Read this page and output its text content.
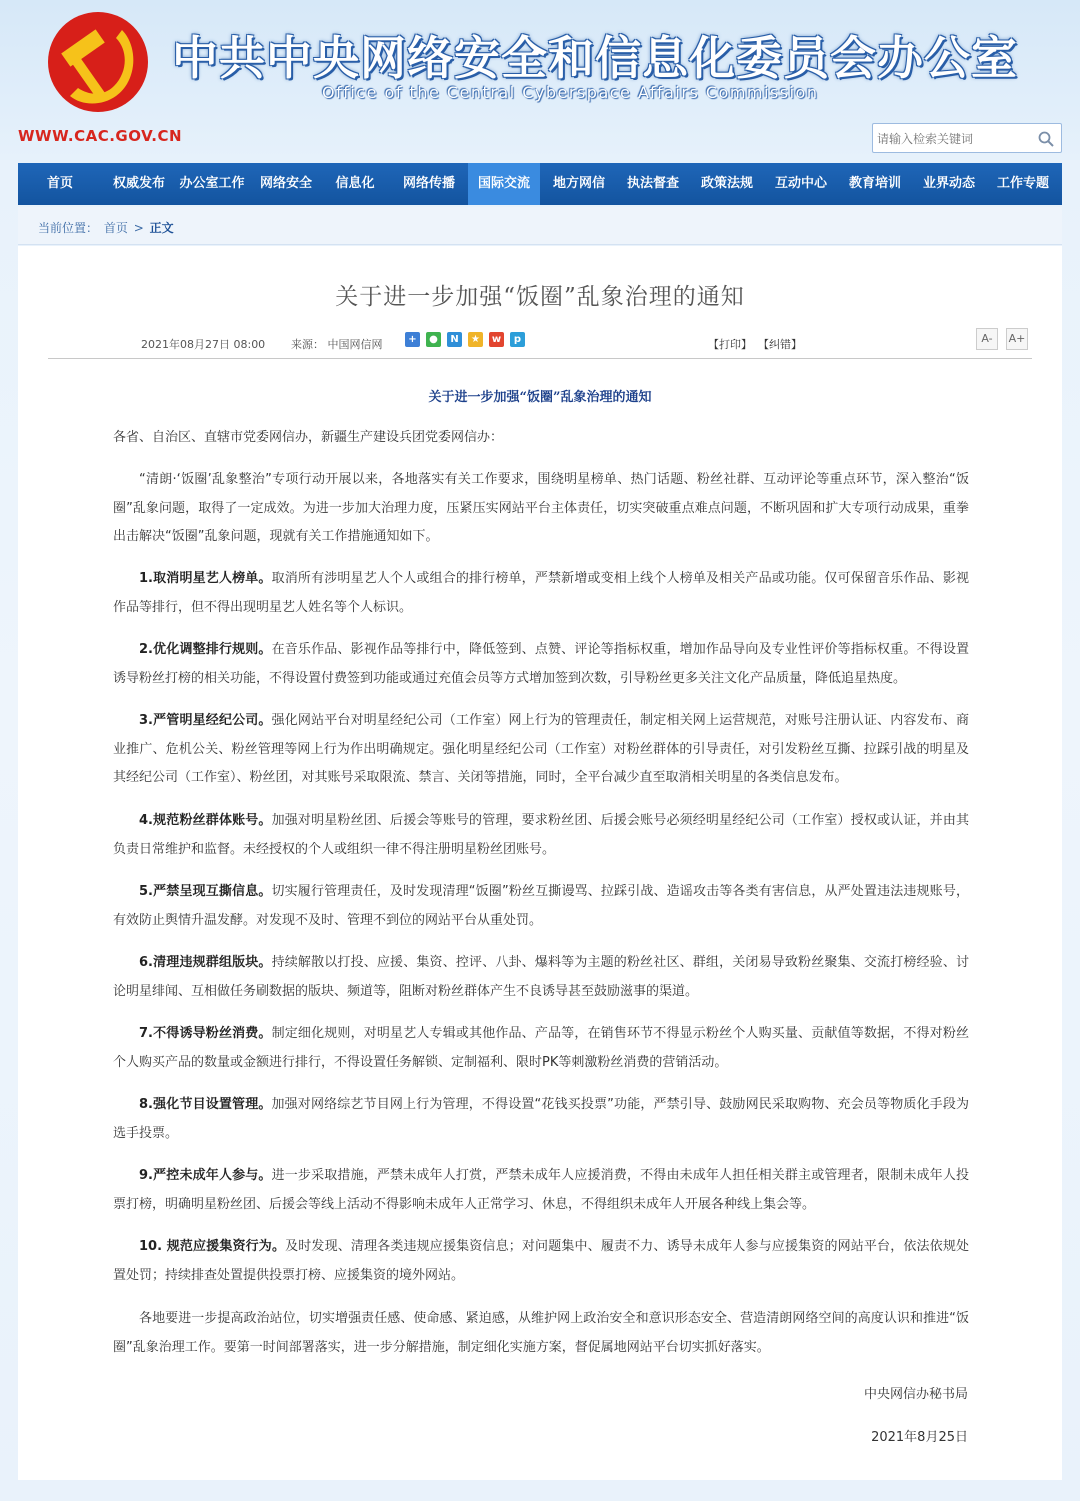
中共中央网络安全和信息化委员会办公室
Office of the Central Cyberspace Affairs Commission
WWW.CAC.GOV.CN
请输入检索关键词
首页	权威发布	办公室工作	网络安全	信息化	网络传播	国际交流	地方网信	执法督查	政策法规	互动中心	教育培训	业界动态	工作专题
当前位置： 首页 > 正文
关于进一步加强“饭圈”乱象治理的通知
2021年08月27日 08:00 来源： 中国网信网	+	●	N	★	w	p	【打印】 【纠错】	A-	A+
关于进一步加强“饭圈”乱象治理的通知
各省、自治区、直辖市党委网信办，新疆生产建设兵团党委网信办：
“清朗·‘饭圈’乱象整治”专项行动开展以来，各地落实有关工作要求，围绕明星榜单、热门话题、粉丝社群、互动评论等重点环节，深入整治“饭圈”乱象问题，取得了一定成效。为进一步加大治理力度，压紧压实网站平台主体责任，切实突破重点难点问题，不断巩固和扩大专项行动成果，重拳出击解决“饭圈”乱象问题，现就有关工作措施通知如下。
1.取消明星艺人榜单。取消所有涉明星艺人个人或组合的排行榜单，严禁新增或变相上线个人榜单及相关产品或功能。仅可保留音乐作品、影视作品等排行，但不得出现明星艺人姓名等个人标识。
2.优化调整排行规则。在音乐作品、影视作品等排行中，降低签到、点赞、评论等指标权重，增加作品导向及专业性评价等指标权重。不得设置诱导粉丝打榜的相关功能，不得设置付费签到功能或通过充值会员等方式增加签到次数，引导粉丝更多关注文化产品质量，降低追星热度。
3.严管明星经纪公司。强化网站平台对明星经纪公司（工作室）网上行为的管理责任，制定相关网上运营规范，对账号注册认证、内容发布、商业推广、危机公关、粉丝管理等网上行为作出明确规定。强化明星经纪公司（工作室）对粉丝群体的引导责任，对引发粉丝互撕、拉踩引战的明星及其经纪公司（工作室）、粉丝团，对其账号采取限流、禁言、关闭等措施，同时，全平台减少直至取消相关明星的各类信息发布。
4.规范粉丝群体账号。加强对明星粉丝团、后援会等账号的管理，要求粉丝团、后援会账号必须经明星经纪公司（工作室）授权或认证，并由其负责日常维护和监督。未经授权的个人或组织一律不得注册明星粉丝团账号。
5.严禁呈现互撕信息。切实履行管理责任，及时发现清理“饭圈”粉丝互撕谩骂、拉踩引战、造谣攻击等各类有害信息，从严处置违法违规账号，有效防止舆情升温发酵。对发现不及时、管理不到位的网站平台从重处罚。
6.清理违规群组版块。持续解散以打投、应援、集资、控评、八卦、爆料等为主题的粉丝社区、群组，关闭易导致粉丝聚集、交流打榜经验、讨论明星绯闻、互相做任务刷数据的版块、频道等，阻断对粉丝群体产生不良诱导甚至鼓励滋事的渠道。
7.不得诱导粉丝消费。制定细化规则，对明星艺人专辑或其他作品、产品等，在销售环节不得显示粉丝个人购买量、贡献值等数据，不得对粉丝个人购买产品的数量或金额进行排行，不得设置任务解锁、定制福利、限时PK等刺激粉丝消费的营销活动。
8.强化节目设置管理。加强对网络综艺节目网上行为管理，不得设置“花钱买投票”功能，严禁引导、鼓励网民采取购物、充会员等物质化手段为选手投票。
9.严控未成年人参与。进一步采取措施，严禁未成年人打赏，严禁未成年人应援消费，不得由未成年人担任相关群主或管理者，限制未成年人投票打榜，明确明星粉丝团、后援会等线上活动不得影响未成年人正常学习、休息，不得组织未成年人开展各种线上集会等。
10. 规范应援集资行为。及时发现、清理各类违规应援集资信息；对问题集中、履责不力、诱导未成年人参与应援集资的网站平台，依法依规处置处罚；持续排查处置提供投票打榜、应援集资的境外网站。
各地要进一步提高政治站位，切实增强责任感、使命感、紧迫感，从维护网上政治安全和意识形态安全、营造清朗网络空间的高度认识和推进“饭圈”乱象治理工作。要第一时间部署落实，进一步分解措施，制定细化实施方案，督促属地网站平台切实抓好落实。
中央网信办秘书局
2021年8月25日
